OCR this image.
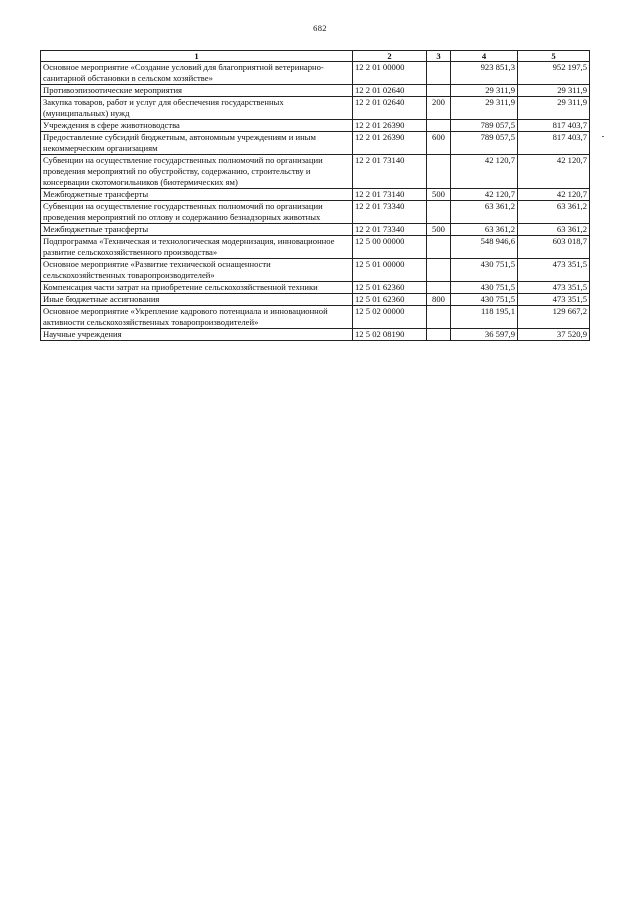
682
1	2	3	4	5
Основное мероприятие «Создание условий для благоприятной ветеринарно-санитарной обстановки в сельском хозяйстве»	12 2 01 00000		923 851,3	952 197,5
Противоэпизоотические мероприятия	12 2 01 02640		29 311,9	29 311,9
Закупка товаров, работ и услуг для обеспечения государственных (муниципальных) нужд	12 2 01 02640	200	29 311,9	29 311,9
Учреждения в сфере животноводства	12 2 01 26390		789 057,5	817 403,7
Предоставление субсидий бюджетным, автономным учреждениям и иным некоммерческим организациям	12 2 01 26390	600	789 057,5	817 403,7
Субвенции на осуществление государственных полномочий по организации проведения мероприятий по обустройству, содержанию, строительству и консервации скотомогильников (биотермических ям)	12 2 01 73140		42 120,7	42 120,7
Межбюджетные трансферты	12 2 01 73140	500	42 120,7	42 120,7
Субвенции на осуществление государственных полномочий по организации проведения мероприятий по отлову и содержанию безнадзорных животных	12 2 01 73340		63 361,2	63 361,2
Межбюджетные трансферты	12 2 01 73340	500	63 361,2	63 361,2
Подпрограмма «Техническая и технологическая модернизация, инновационное развитие сельскохозяйственного производства»	12 5 00 00000		548 946,6	603 018,7
Основное мероприятие «Развитие технической оснащенности сельскохозяйственных товаропроизводителей»	12 5 01 00000		430 751,5	473 351,5
Компенсация части затрат на приобретение сельскохозяйственной техники	12 5 01 62360		430 751,5	473 351,5
Иные бюджетные ассигнования	12 5 01 62360	800	430 751,5	473 351,5
Основное мероприятие «Укрепление кадрового потенциала и инновационной активности сельскохозяйственных товаропроизводителей»	12 5 02 00000		118 195,1	129 667,2
Научные учреждения	12 5 02 08190		36 597,9	37 520,9
